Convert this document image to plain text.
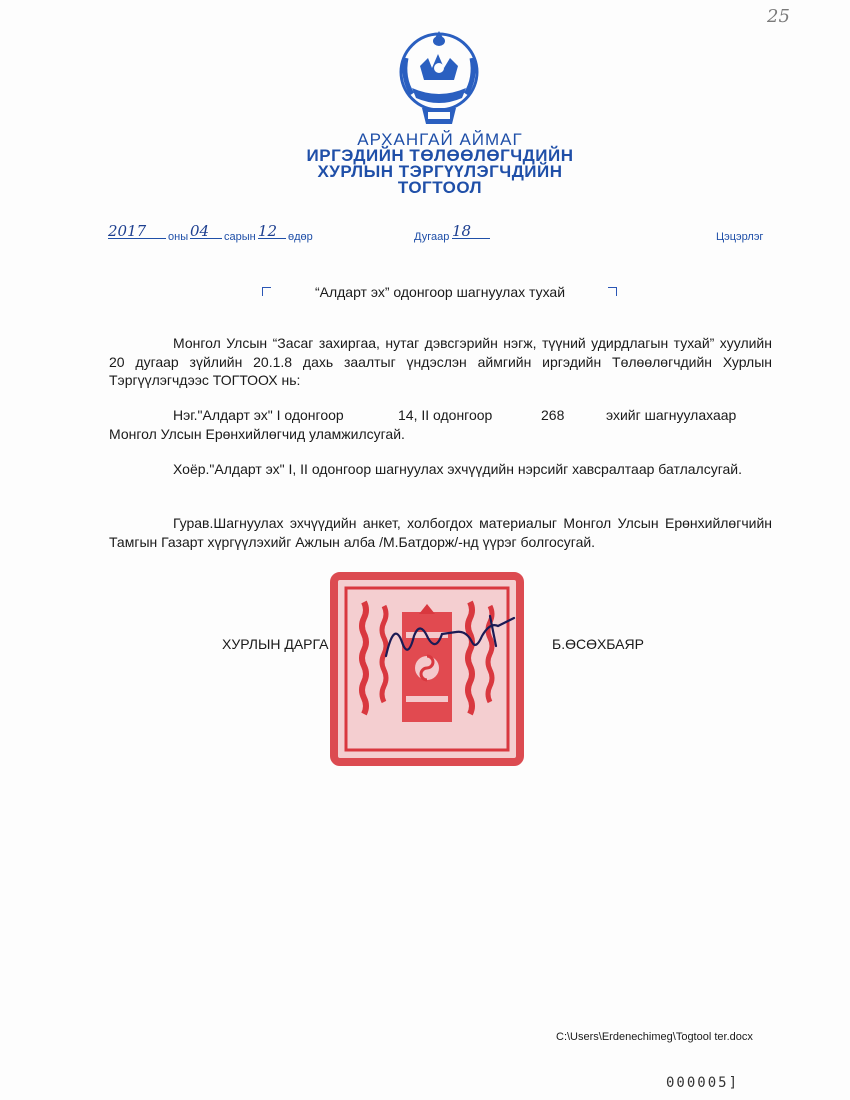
25
АРХАНГАЙ АЙМАГ
ИРГЭДИЙН ТӨЛӨӨЛӨГЧДИЙН
ХУРЛЫН ТЭРГҮҮЛЭГЧДИЙН
ТОГТООЛ
2017	оны 04	сарын 12 өдөр	Дугаар 18	Цэцэрлэг
“Алдарт эх” одонгоор шагнуулах тухай
Монгол Улсын “Засаг захиргаа, нутаг дэвсгэрийн нэгж, түүний удирдлагын тухай” хуулийн 20 дугаар зүйлийн 20.1.8 дахь заалтыг үндэслэн аймгийн иргэдийн Төлөөлөгчдийн Хурлын Тэргүүлэгчдээс ТОГТООХ нь:
Нэг."Алдарт эх" I одонгоор	14, II одонгоор	268	эхийг шагнуулахаар
Монгол Улсын Ерөнхийлөгчид уламжилсугай.
Хоёр."Алдарт эх" I, II одонгоор шагнуулах эхчүүдийн нэрсийг хавсралтаар батлалсугай.
Гурав.Шагнуулах эхчүүдийн анкет, холбогдох материалыг Монгол Улсын Ерөнхийлөгчийн Тамгын Газарт хүргүүлэхийг Ажлын алба /М.Батдорж/-нд үүрэг болгосугай.
ХУРЛЫН ДАРГА	Б.ӨСӨХБАЯР
C:\Users\Erdenechimeg\Togtool ter.docx
000005]
